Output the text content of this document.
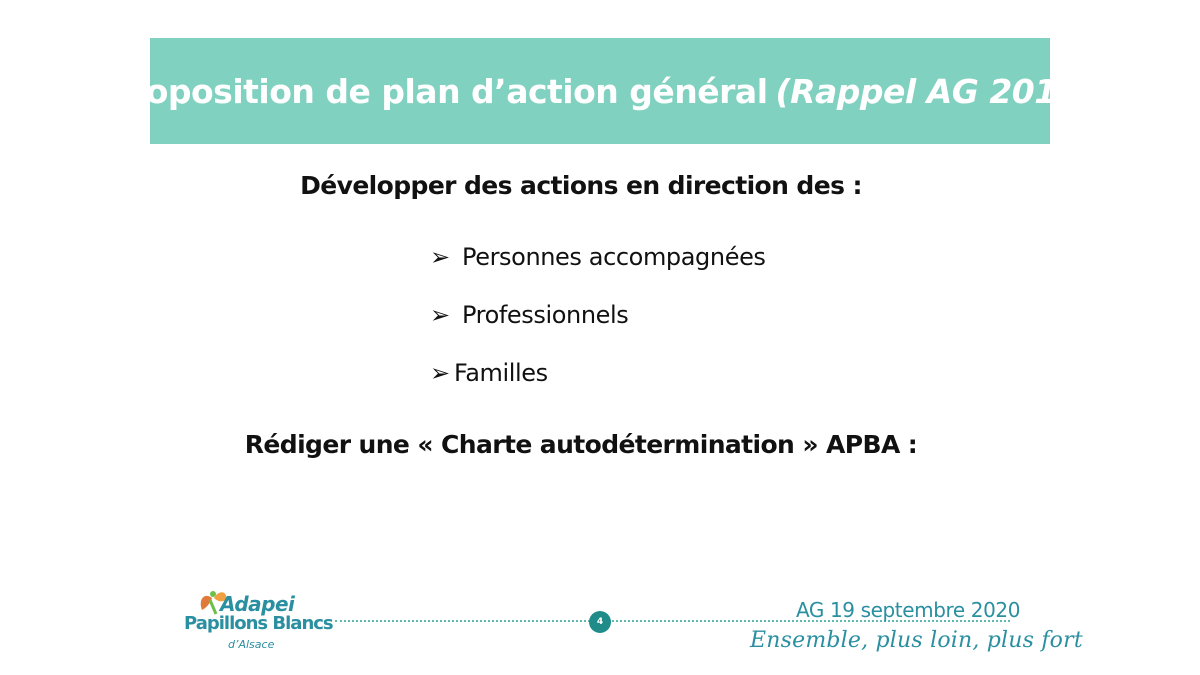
Proposition de plan d’action général (Rappel AG 2019)
Développer des actions en direction des :
➢ Personnes accompagnées
➢ Professionnels
➢ Familles
Rédiger une « Charte autodétermination » APBA :
Adapei
Papillons Blancs
d’Alsace
4	AG 19 septembre 2020
Ensemble, plus loin, plus fort
